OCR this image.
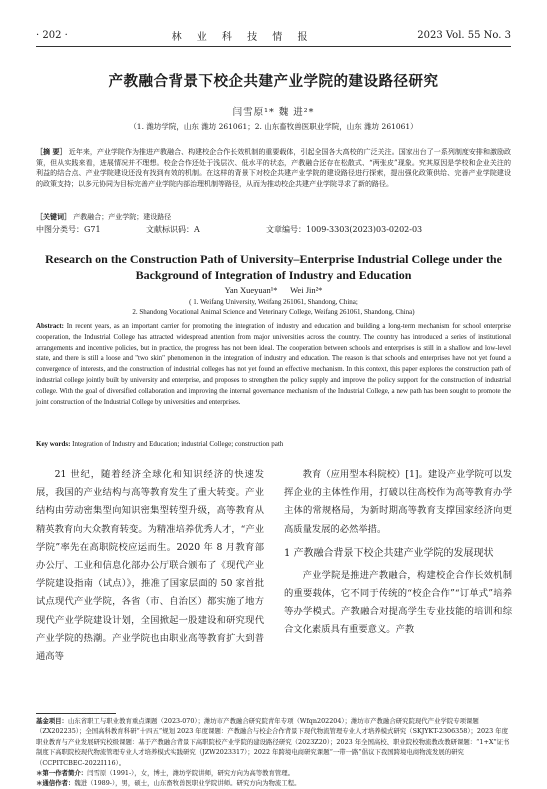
· 202 ·	林 业 科 技 情 报	2023 Vol. 55 No. 3
产教融合背景下校企共建产业学院的建设路径研究
闫雪原¹* 魏 进²*
（1. 潍坊学院，山东 潍坊 261061；2. 山东畜牧兽医职业学院，山东 潍坊 261061）
［摘 要］ 近年来，产业学院作为推进产教融合、构建校企合作长效机制的重要载体，引起全国各大高校的广泛关注。国家出台了一系列制度安排和激励政策，但从实践来看，进展情况并不理想。校企合作还处于浅层次、低水平的状态，产教融合还存在松散式、“两张皮”现象。究其原因是学校和企业关注的利益的结合点、产业学院建设还没有找到有效的机制。在这样的背景下对校企共建产业学院的建设路径进行探索，提出强化政策供给、完善产业学院建设的政策支持；以多元协同为目标完善产业学院内部治理机制等路径，从而为推动校企共建产业学院寻求了新的路径。
［关键词］ 产教融合；产业学院；建设路径
中图分类号：G71	文献标识码：A	文章编号：1009-3303(2023)03-0202-03
Research on the Construction Path of University–Enterprise Industrial College under the Background of Integration of Industry and Education
Yan Xueyuan¹*      Wei Jin²*
( 1. Weifang University, Weifang 261061, Shandong, China;
2. Shandong Vocational Animal Science and Veterinary College, Weifang 261061, Shandong, China)
Abstract: In recent years, as an important carrier for promoting the integration of industry and education and building a long-term mechanism for school enterprise cooperation, the Industrial College has attracted widespread attention from major universities across the country. The country has introduced a series of institutional arrangements and incentive policies, but in practice, the progress has not been ideal. The cooperation between schools and enterprises is still in a shallow and low-level state, and there is still a loose and "two skin" phenomenon in the integration of industry and education. The reason is that schools and enterprises have not yet found a convergence of interests, and the construction of industrial colleges has not yet found an effective mechanism. In this context, this paper explores the construction path of industrial college jointly built by university and enterprise, and proposes to strengthen the policy supply and improve the policy support for the construction of industrial college. With the goal of diversified collaboration and improving the internal governance mechanism of the Industrial College, a new path has been sought to promote the joint construction of the Industrial College by universities and enterprises.
Key words: Integration of Industry and Education; industrial College; construction path

21 世纪，随着经济全球化和知识经济的快速发展，我国的产业结构与高等教育发生了重大转变。产业结构由劳动密集型向知识密集型转型升级，高等教育从精英教育向大众教育转变。为精准培养优秀人才，“产业学院”率先在高职院校应运而生。2020 年 8 月教育部办公厅、工业和信息化部办公厅联合颁布了《现代产业学院建设指南（试点）》，推准了国家层面的 50 家首批试点现代产业学院，各省（市、自治区）都实施了地方现代产业学院建设计划，全国掀起一股建设和研究现代产业学院的热潮。产业学院也由职业高等教育扩大到普通高等

教育（应用型本科院校）[1]。建设产业学院可以发挥企业的主体性作用，打破以往高校作为高等教育办学主体的常规格局，为新时期高等教育支撑国家经济向更高质量发展的必然举措。

1 产教融合背景下校企共建产业学院的发展现状

产业学院是推进产教融合，构建校企合作长效机制的重要载体，它不同于传统的“校企合作”“订单式”培养等办学模式。产教融合对提高学生专业技能的培训和综合文化素质具有重要意义。产教

基金项目：山东省职工与职业教育重点课题（2023-070）；潍坊市产教融合研究院青年专项（Wfqn202204）；潍坊市产教融合研究院现代产业学院专项课题（ZX202235）；全国高科教育科研“十四五”规划 2023 年度课题：产教融合与校企合作背景下现代物流管理专业人才培养模式研究（SKJYKT-2306358）；2023 年度职业教育与产业发展研究校级课题：基于产教融合背景下高职院校产业学院的建设路径研究（2023Z20）；2023 年全国高校、职业院校物流教改教研课题：“1+X”证书制度下高职院校现代物流管理专业人才培养模式实践研究（JZW2023317）；2022 年跨境电商研究课题“一带一路”倡议下我国跨境电商物流发展的研究（CCPITCBEC-2022I116）。
＊第一作者简介：闫雪原（1991-），女，博士，潍坊学院讲师，研究方向为高等教育管理。
＊通信作者：魏进（1989-），男，硕士，山东畜牧兽医职业学院讲师。研究方向为物流工程。
